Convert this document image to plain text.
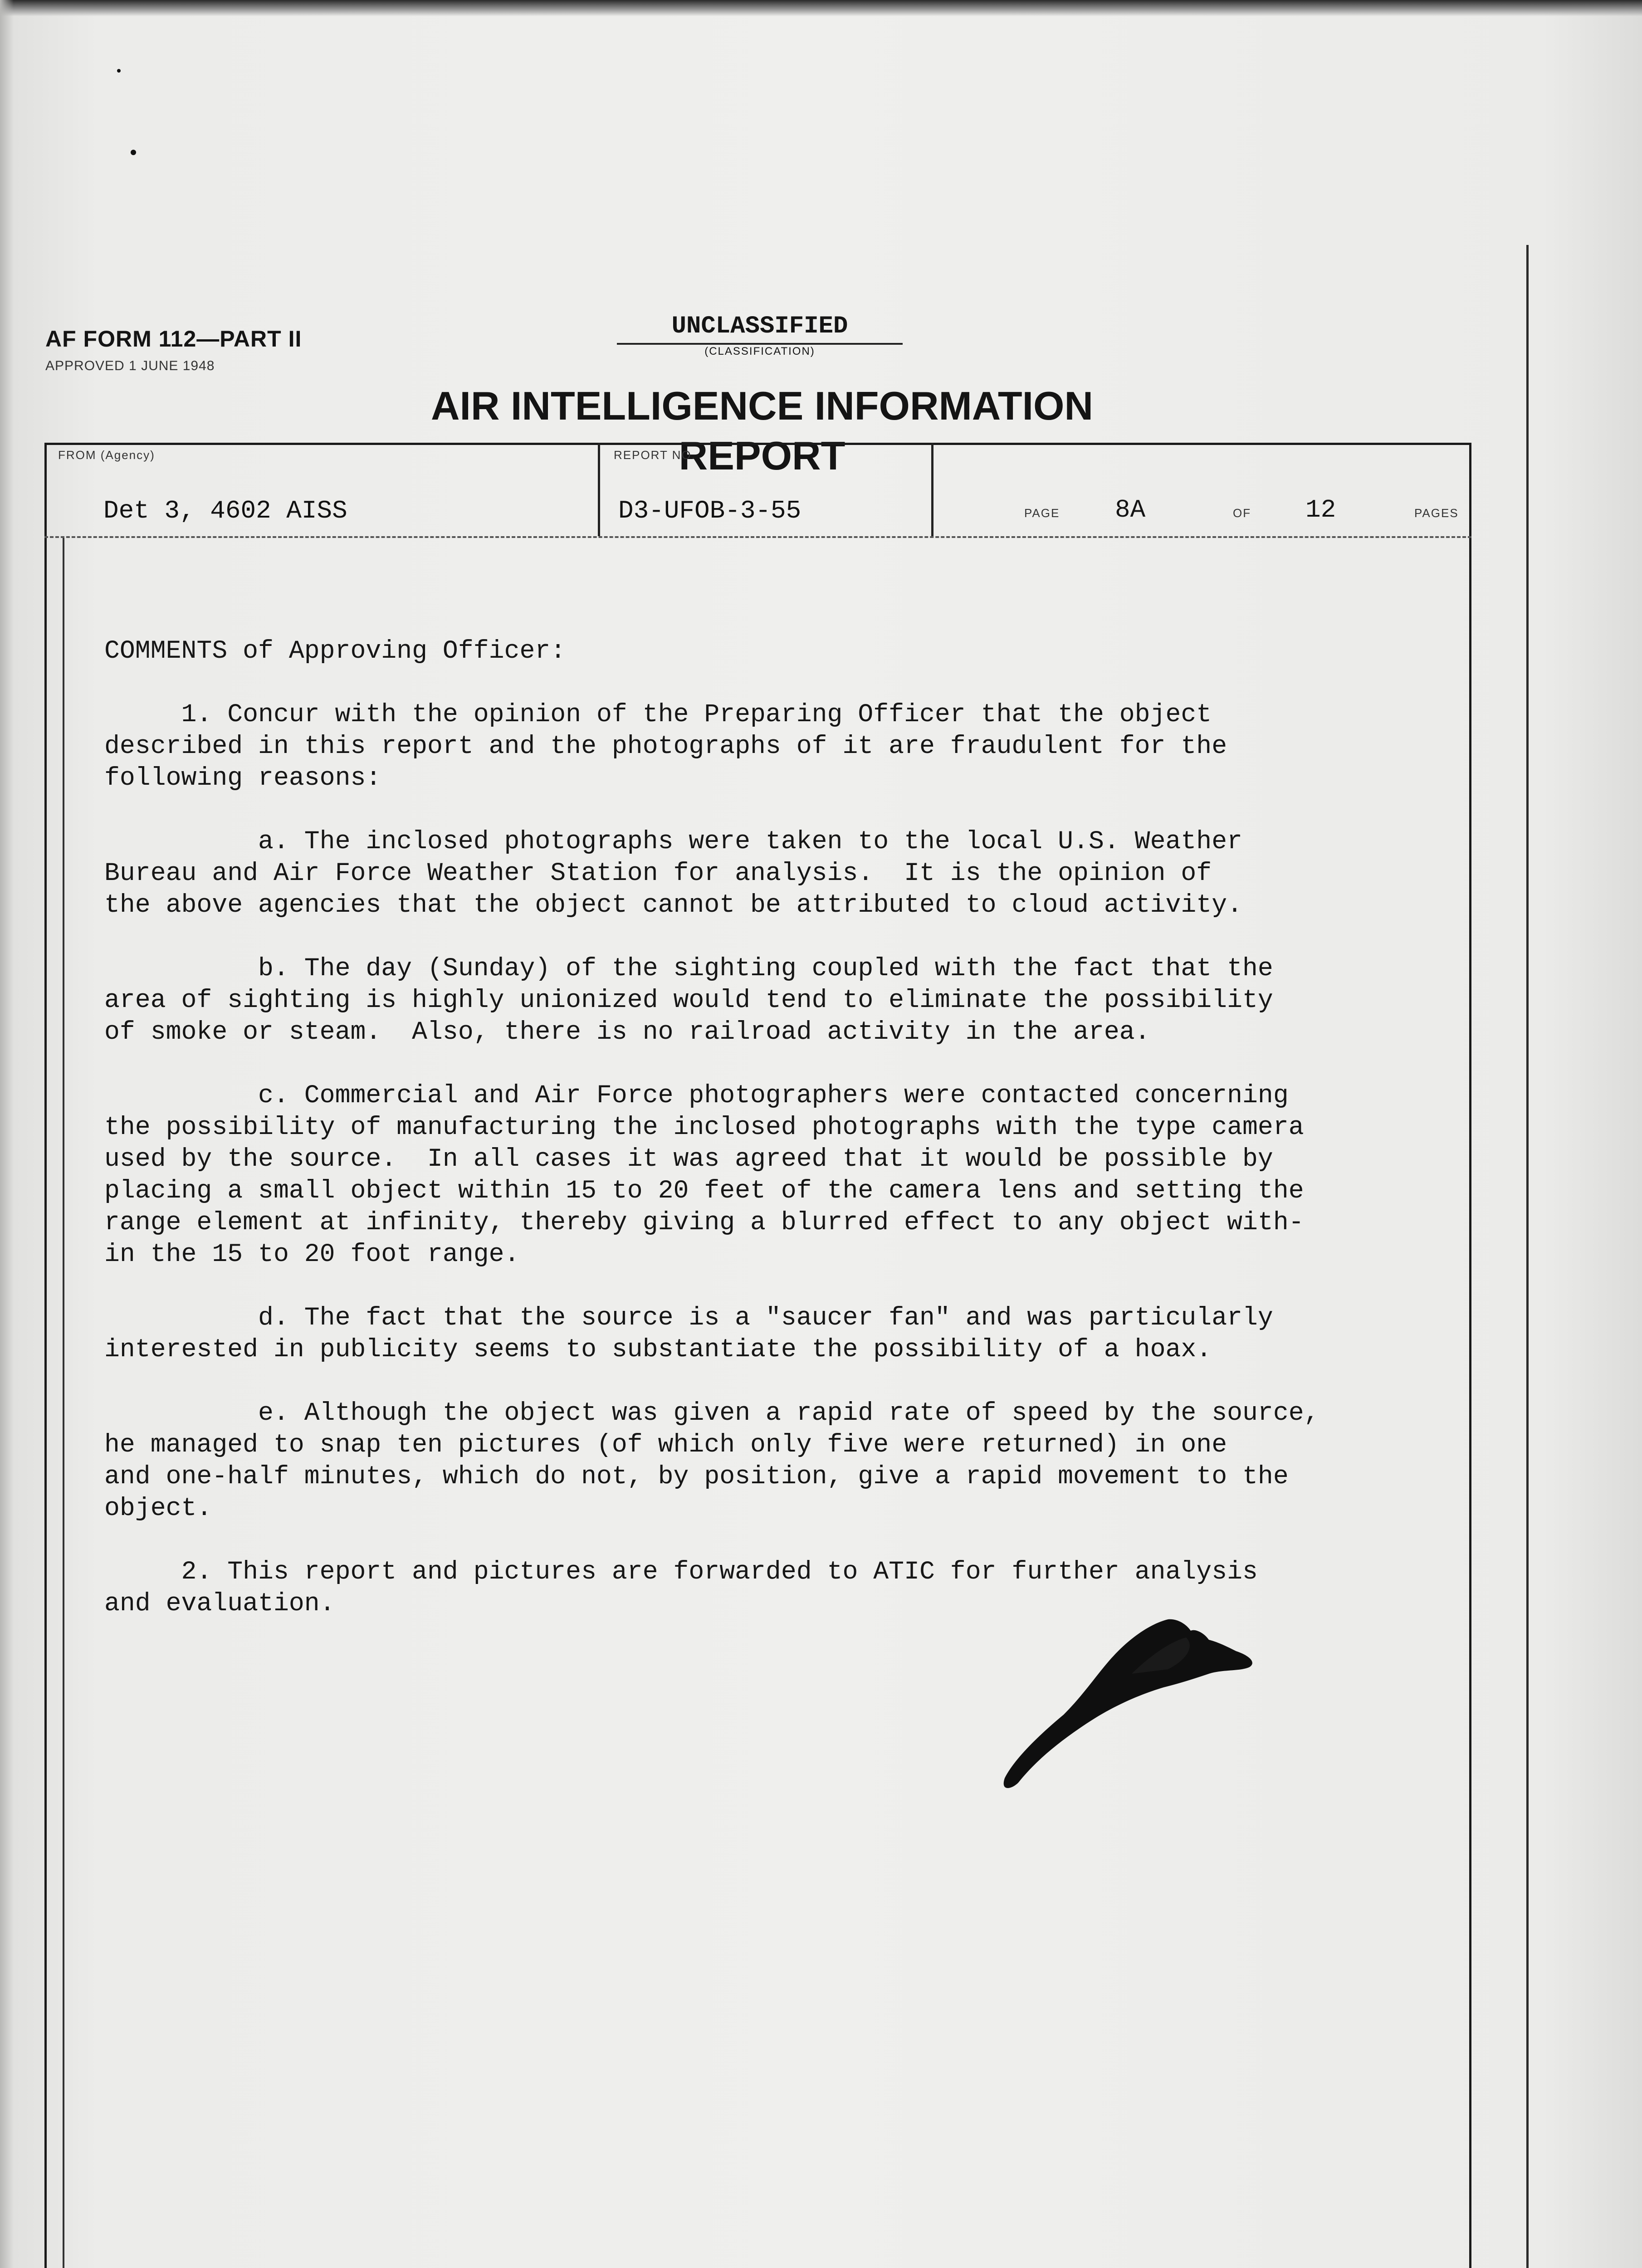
AF FORM 112—PART II
APPROVED 1 JUNE 1948
UNCLASSIFIED
(CLASSIFICATION)
AIR INTELLIGENCE INFORMATION REPORT
FROM (Agency)
Det 3, 4602 AISS
REPORT NO.
D3-UFOB-3-55	PAGE 8A	OF 12	PAGES

COMMENTS of Approving Officer:

1. Concur with the opinion of the Preparing Officer that the object

described in this report and the photographs of it are fraudulent for the

following reasons:

a. The inclosed photographs were taken to the local U.S. Weather

Bureau and Air Force Weather Station for analysis.  It is the opinion of

the above agencies that the object cannot be attributed to cloud activity.

b. The day (Sunday) of the sighting coupled with the fact that the

area of sighting is highly unionized would tend to eliminate the possibility

of smoke or steam.  Also, there is no railroad activity in the area.

c. Commercial and Air Force photographers were contacted concerning

the possibility of manufacturing the inclosed photographs with the type camera

used by the source.  In all cases it was agreed that it would be possible by

placing a small object within 15 to 20 feet of the camera lens and setting the

range element at infinity, thereby giving a blurred effect to any object with-

in the 15 to 20 foot range.

d. The fact that the source is a "saucer fan" and was particularly

interested in publicity seems to substantiate the possibility of a hoax.

e. Although the object was given a rapid rate of speed by the source,

he managed to snap ten pictures (of which only five were returned) in one

and one-half minutes, which do not, by position, give a rapid movement to the

object.

2. This report and pictures are forwarded to ATIC for further analysis

and evaluation.
